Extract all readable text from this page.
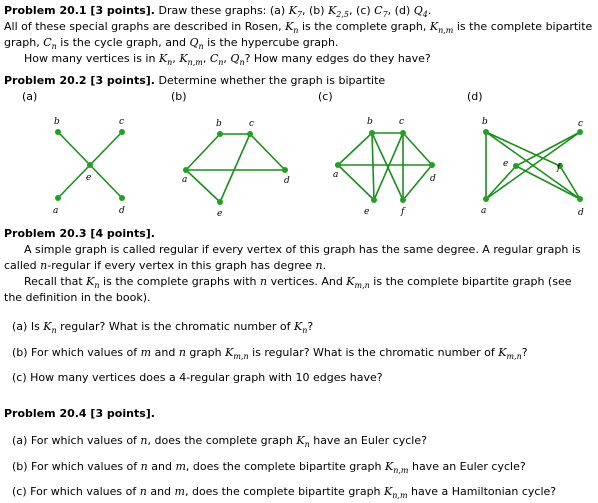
Problem 20.1 [3 points]. Draw these graphs: (a) $K_7$, (b) $K_{2,5}$, (c) $C_7$, (d) $Q_4$.
All of these special graphs are described in Rosen, $K_n$ is the complete graph, $K_{n,m}$ is the complete bipartite
graph, $C_n$ is the cycle graph, and $Q_n$ is the hypercube graph.
How many vertices is in $K_n$, $K_{n,m}$, $C_n$, $Q_n$? How many edges do they have?
Problem 20.2 [3 points]. Determine whether the graph is bipartite
(a)	(b)	(c)	(d)
b	c
e
a	d
b	c
a	d
e
b	c
a	d
e	f
b	c
e	f
a	d
Problem 20.3 [4 points].
A simple graph is called regular if every vertex of this graph has the same degree. A regular graph is
called n-regular if every vertex in this graph has degree n.
Recall that $K_n$ is the complete graphs with n vertices. And $K_{m,n}$ is the complete bipartite graph (see
the definition in the book).
(a) Is $K_n$ regular? What is the chromatic number of $K_n$?
(b) For which values of m and n graph $K_{m,n}$ is regular? What is the chromatic number of $K_{m,n}$?
(c) How many vertices does a 4-regular graph with 10 edges have?
Problem 20.4 [3 points].
(a) For which values of n, does the complete graph $K_n$ have an Euler cycle?
(b) For which values of n and m, does the complete bipartite graph $K_{n,m}$ have an Euler cycle?
(c) For which values of n and m, does the complete bipartite graph $K_{n,m}$ have a Hamiltonian cycle?
